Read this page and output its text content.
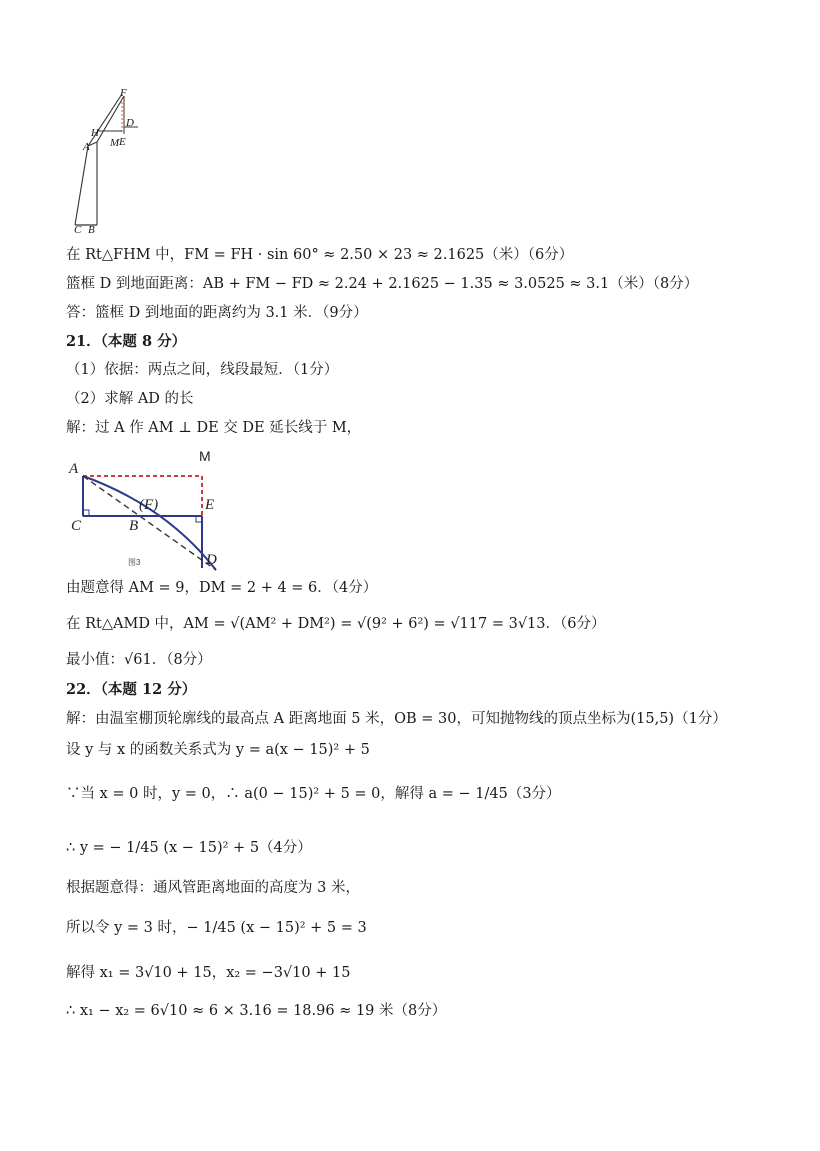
F
H
D
A M E
C B
在 Rt△FHM 中，FM = FH · sin 60° ≈ 2.50 × 23 ≈ 2.1625（米）（6分）
篮框 D 到地面距离：AB + FM − FD ≈ 2.24 + 2.1625 − 1.35 ≈ 3.0525 ≈ 3.1（米）（8分）
答：篮框 D 到地面的距离约为 3.1 米．（9分）
21．（本题 8 分）
（1）依据：两点之间，线段最短．（1分）
（2）求解 AD 的长
解：过 A 作 AM ⊥ DE 交 DE 延长线于 M，
A
M
E
(F)
C	B
D
图3
由题意得 AM = 9，DM = 2 + 4 = 6．（4分）
在 Rt△AMD 中，AM = √(AM² + DM²) = √(9² + 6²) = √117 = 3√13．（6分）
最小值：√61．（8分）
22．（本题 12 分）
解：由温室棚顶轮廓线的最高点 A 距离地面 5 米，OB = 30，可知抛物线的顶点坐标为(15,5)（1分）
设 y 与 x 的函数关系式为 y = a(x − 15)² + 5
∵当 x = 0 时，y = 0，∴ a(0 − 15)² + 5 = 0，解得 a = − 1/45（3分）
∴ y = − 1/45 (x − 15)² + 5（4分）
根据题意得：通风管距离地面的高度为 3 米，
所以令 y = 3 时，− 1/45 (x − 15)² + 5 = 3
解得 x₁ = 3√10 + 15，x₂ = −3√10 + 15
∴ x₁ − x₂ = 6√10 ≈ 6 × 3.16 = 18.96 ≈ 19 米（8分）
